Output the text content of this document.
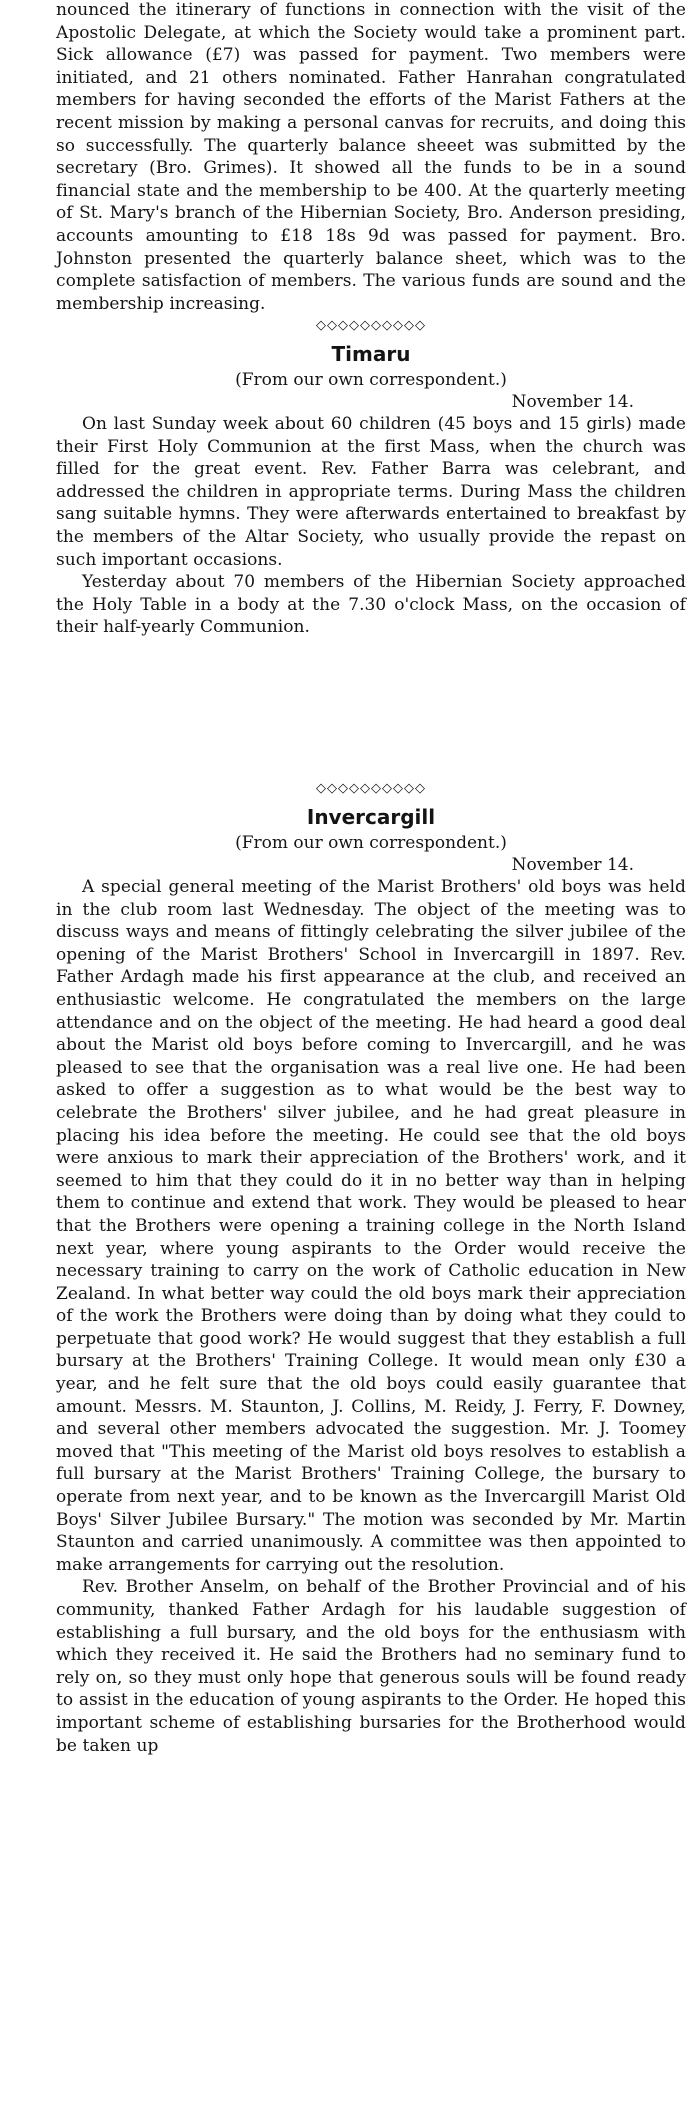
nounced the itinerary of functions in connection with the visit of the Apostolic Delegate, at which the Society would take a prominent part. Sick allowance (£7) was passed for payment. Two members were initiated, and 21 others nominated. Father Hanrahan congratulated members for having seconded the efforts of the Marist Fathers at the recent mission by making a personal canvas for recruits, and doing this so successfully. The quarterly balance sheeet was submitted by the secretary (Bro. Grimes). It showed all the funds to be in a sound financial state and the membership to be 400. At the quarterly meeting of St. Mary's branch of the Hibernian Society, Bro. Anderson presiding, accounts amounting to £18 18s 9d was passed for payment. Bro. Johnston presented the quarterly balance sheet, which was to the complete satisfaction of members. The various funds are sound and the membership increasing.

◇◇◇◇◇◇◇◇◇◇
Timaru
(From our own correspondent.)
November 14.

On last Sunday week about 60 children (45 boys and 15 girls) made their First Holy Communion at the first Mass, when the church was filled for the great event. Rev. Father Barra was celebrant, and addressed the children in appropriate terms. During Mass the children sang suitable hymns. They were afterwards entertained to breakfast by the members of the Altar Society, who usually provide the repast on such important occasions.

Yesterday about 70 members of the Hibernian Society approached the Holy Table in a body at the 7.30 o'clock Mass, on the occasion of their half-yearly Communion.

◇◇◇◇◇◇◇◇◇◇
Invercargill
(From our own correspondent.)
November 14.

A special general meeting of the Marist Brothers' old boys was held in the club room last Wednesday. The object of the meeting was to discuss ways and means of fittingly celebrating the silver jubilee of the opening of the Marist Brothers' School in Invercargill in 1897. Rev. Father Ardagh made his first appearance at the club, and received an enthusiastic welcome. He congratulated the members on the large attendance and on the object of the meeting. He had heard a good deal about the Marist old boys before coming to Invercargill, and he was pleased to see that the organisation was a real live one. He had been asked to offer a suggestion as to what would be the best way to celebrate the Brothers' silver jubilee, and he had great pleasure in placing his idea before the meeting. He could see that the old boys were anxious to mark their appreciation of the Brothers' work, and it seemed to him that they could do it in no better way than in helping them to continue and extend that work. They would be pleased to hear that the Brothers were opening a training college in the North Island next year, where young aspirants to the Order would receive the necessary training to carry on the work of Catholic education in New Zealand. In what better way could the old boys mark their appreciation of the work the Brothers were doing than by doing what they could to perpetuate that good work? He would suggest that they establish a full bursary at the Brothers' Training College. It would mean only £30 a year, and he felt sure that the old boys could easily guarantee that amount. Messrs. M. Staunton, J. Collins, M. Reidy, J. Ferry, F. Downey, and several other members advocated the suggestion. Mr. J. Toomey moved that "This meeting of the Marist old boys resolves to establish a full bursary at the Marist Brothers' Training College, the bursary to operate from next year, and to be known as the Invercargill Marist Old Boys' Silver Jubilee Bursary." The motion was seconded by Mr. Martin Staunton and carried unanimously. A committee was then appointed to make arrangements for carrying out the resolution.

Rev. Brother Anselm, on behalf of the Brother Provincial and of his community, thanked Father Ardagh for his laudable suggestion of establishing a full bursary, and the old boys for the enthusiasm with which they received it. He said the Brothers had no seminary fund to rely on, so they must only hope that generous souls will be found ready to assist in the education of young aspirants to the Order. He hoped this important scheme of establishing bursaries for the Brotherhood would be taken up
